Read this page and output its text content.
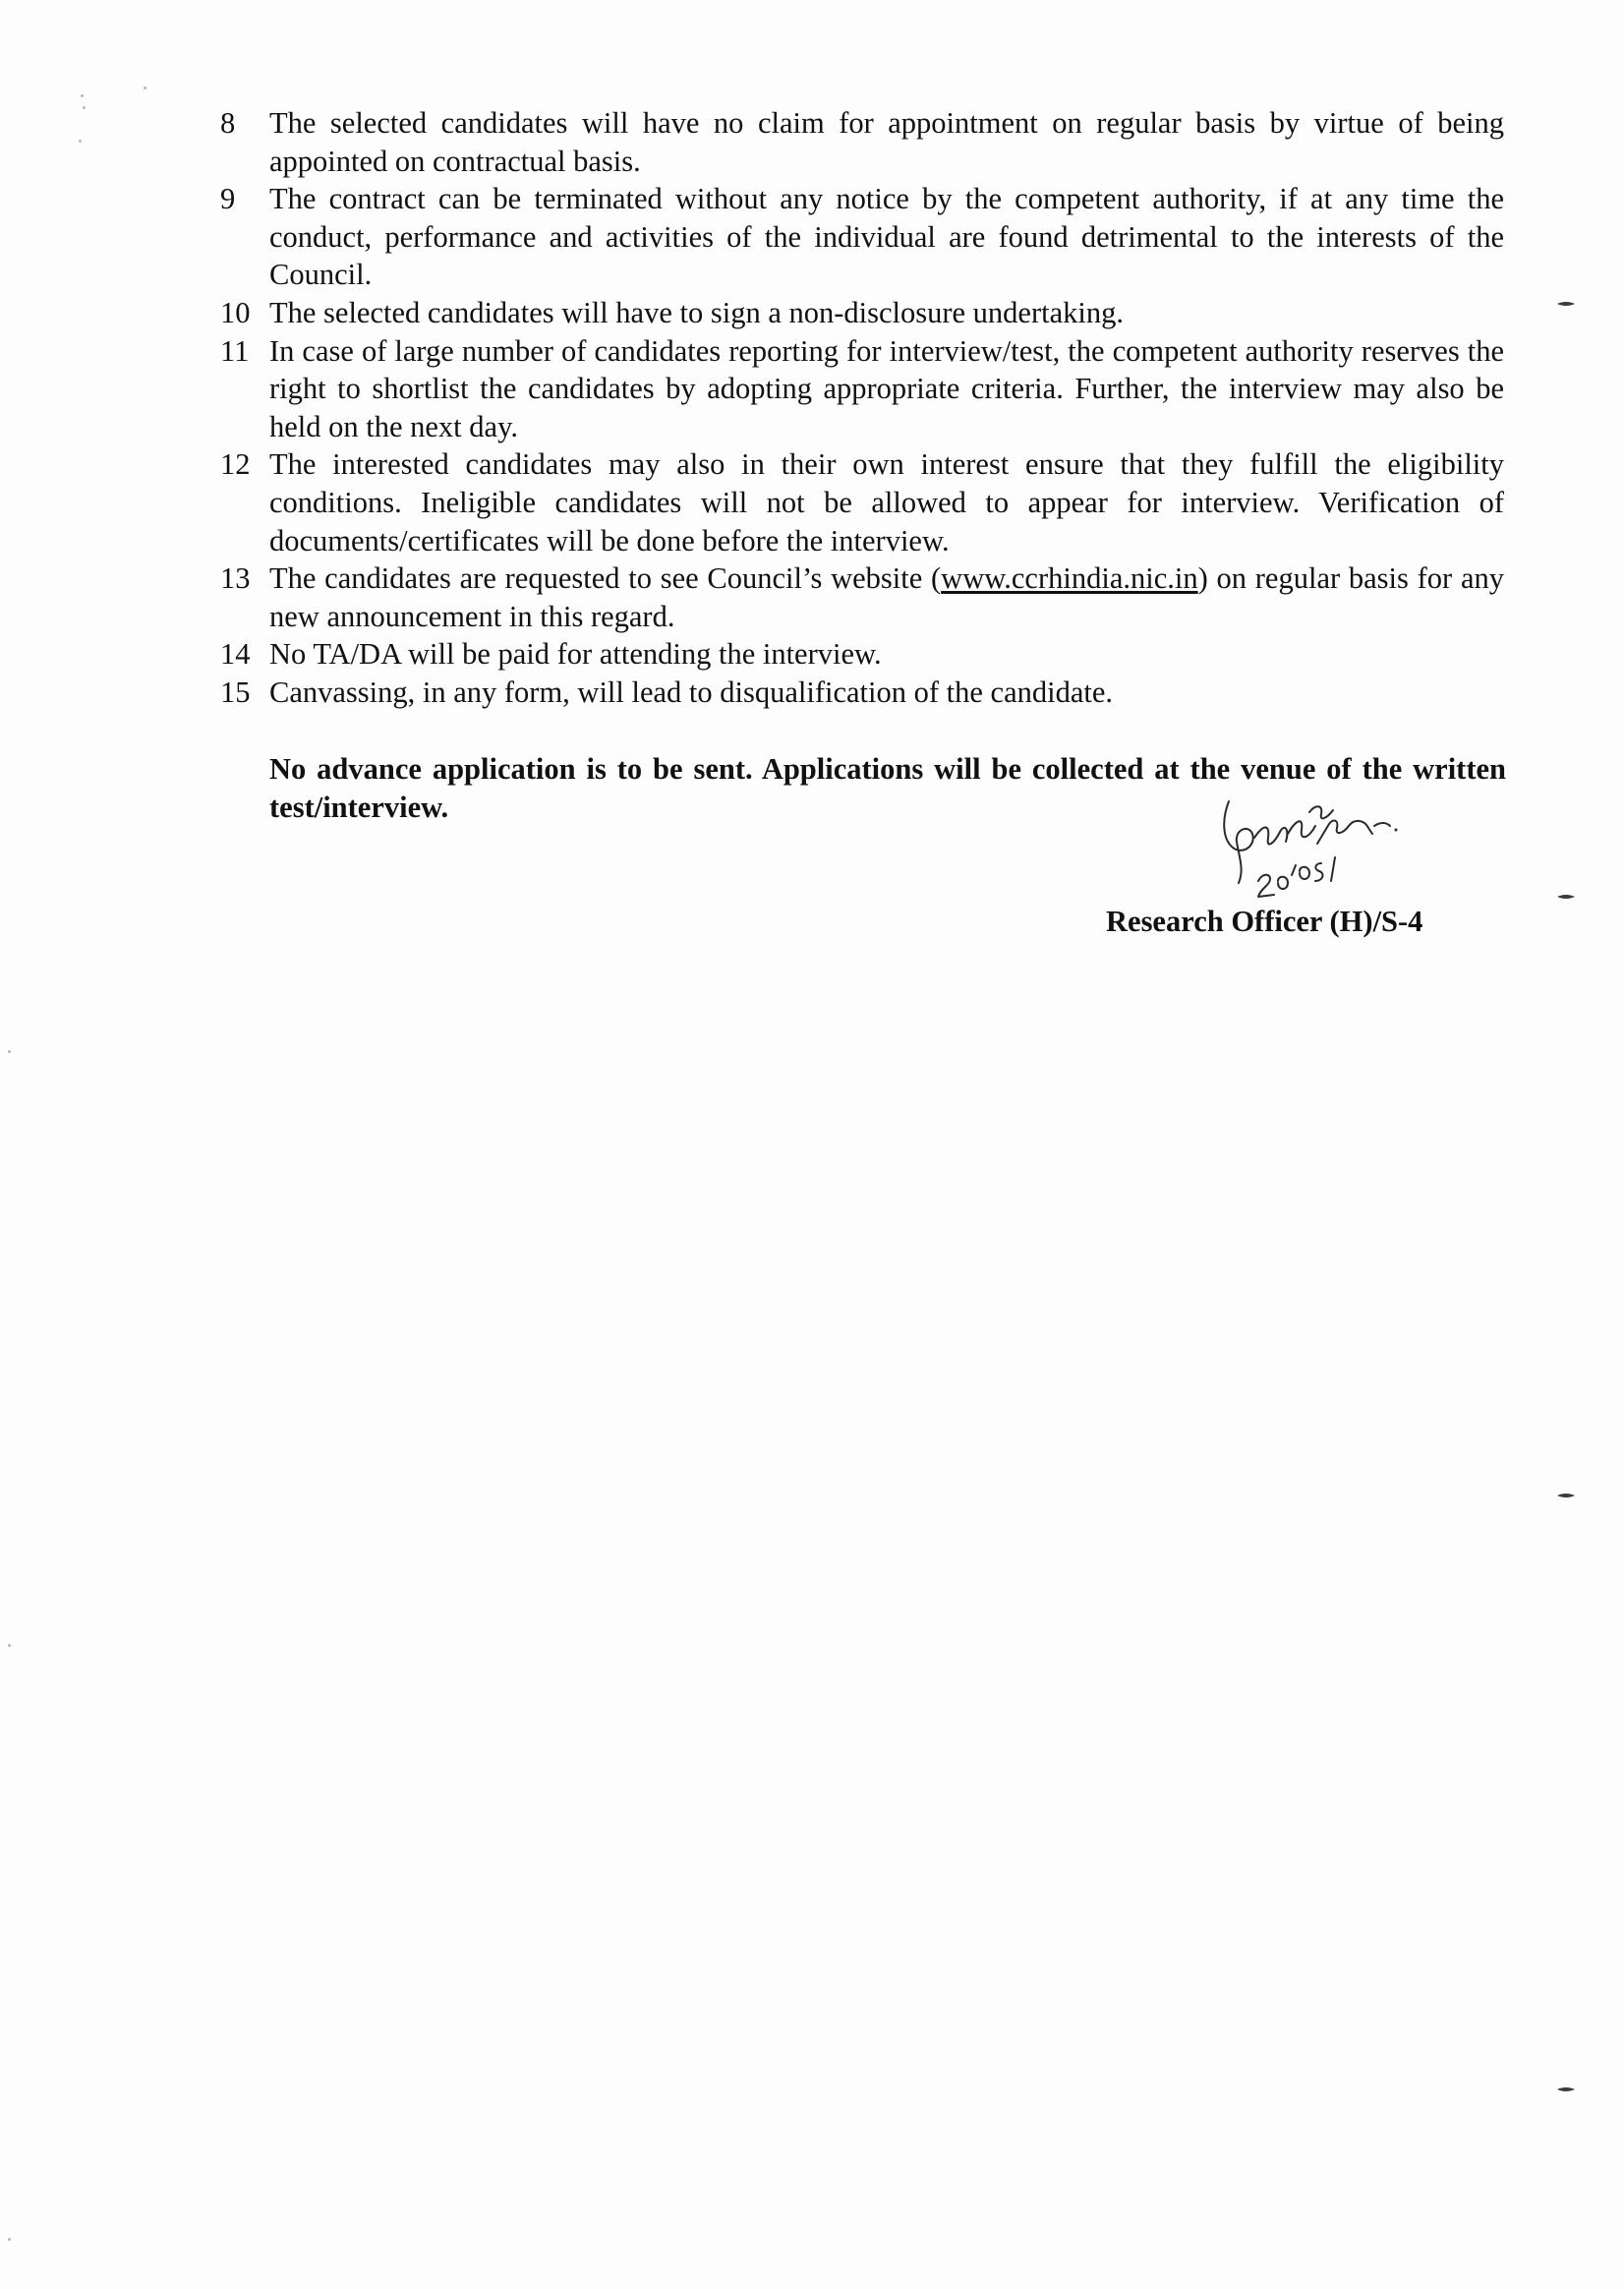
8	The selected candidates will have no claim for appointment on regular basis by virtue of being appointed on contractual basis.
9	The contract can be terminated without any notice by the competent authority, if at any time the conduct, performance and activities of the individual are found detrimental to the interests of the Council.
10 The selected candidates will have to sign a non-disclosure undertaking.
11 In case of large number of candidates reporting for interview/test, the competent authority reserves the right to shortlist the candidates by adopting appropriate criteria. Further, the interview may also be held on the next day.
12 The interested candidates may also in their own interest ensure that they fulfill the eligibility conditions. Ineligible candidates will not be allowed to appear for interview. Verification of documents/certificates will be done before the interview.
13 The candidates are requested to see Council’s website (www.ccrhindia.nic.in) on regular basis for any new announcement in this regard.
14 No TA/DA will be paid for attending the interview.
15 Canvassing, in any form, will lead to disqualification of the candidate.

No advance application is to be sent. Applications will be collected at the venue of the written test/interview.

Research Officer (H)/S-4
